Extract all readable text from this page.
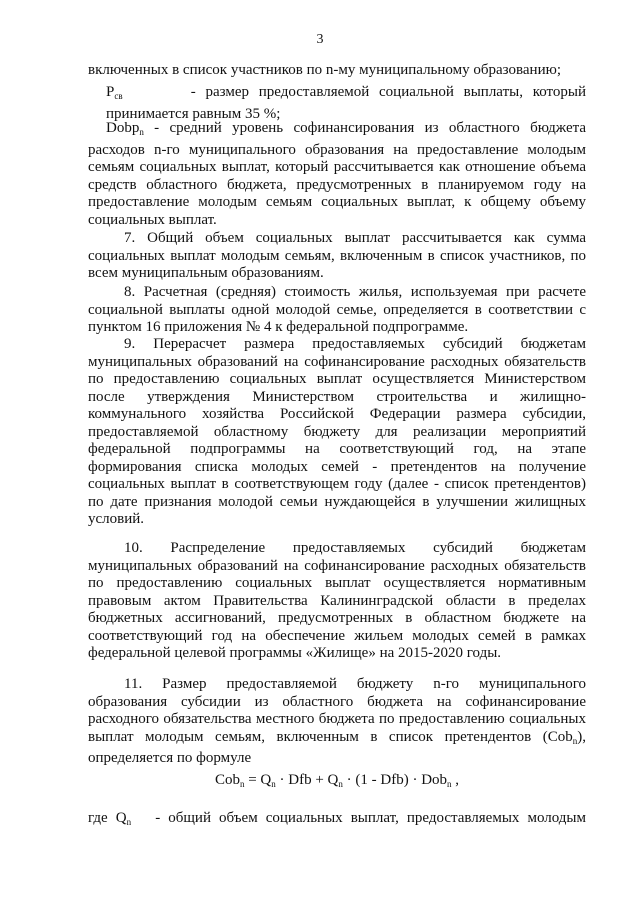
3
включенных в список участников по n-му муниципальному образованию;
$P_{св}$	- размер предоставляемой социальной выплаты, который принимается равным 35 %;
Dobp$_n$ - средний уровень софинансирования из областного бюджета расходов n-го муниципального образования на предоставление молодым семьям социальных выплат, который рассчитывается как отношение объема средств областного бюджета, предусмотренных в планируемом году на предоставление молодым семьям социальных выплат, к общему объему социальных выплат.
7. Общий объем социальных выплат рассчитывается как сумма социальных выплат молодым семьям, включенным в список участников, по всем муниципальным образованиям.
8. Расчетная (средняя) стоимость жилья, используемая при расчете социальной выплаты одной молодой семье, определяется в соответствии с пунктом 16 приложения № 4 к федеральной подпрограмме.
9. Перерасчет размера предоставляемых субсидий бюджетам муниципальных образований на софинансирование расходных обязательств по предоставлению социальных выплат осуществляется Министерством после утверждения Министерством строительства и жилищно-коммунального хозяйства Российской Федерации размера субсидии, предоставляемой областному бюджету для реализации мероприятий федеральной подпрограммы на соответствующий год, на этапе формирования списка молодых семей - претендентов на получение социальных выплат в соответствующем году (далее - список претендентов) по дате признания молодой семьи нуждающейся в улучшении жилищных условий.
10. Распределение предоставляемых субсидий бюджетам муниципальных образований на софинансирование расходных обязательств по предоставлению социальных выплат осуществляется нормативным правовым актом Правительства Калининградской области в пределах бюджетных ассигнований, предусмотренных в областном бюджете на соответствующий год на обеспечение жильем молодых семей в рамках федеральной целевой программы «Жилище» на 2015-2020 годы.
11. Размер предоставляемой бюджету n-го муниципального образования субсидии из областного бюджета на софинансирование расходного обязательства местного бюджета по предоставлению социальных выплат молодым семьям, включенным в список претендентов (Cob$_n$), определяется по формуле
$Cob_n = Q_n$ · Dfb + $Q_n \cdot (1 - Dfb) \cdot Dob_n$ ,
где $Q_n$   - общий объем социальных выплат, предоставляемых молодым
